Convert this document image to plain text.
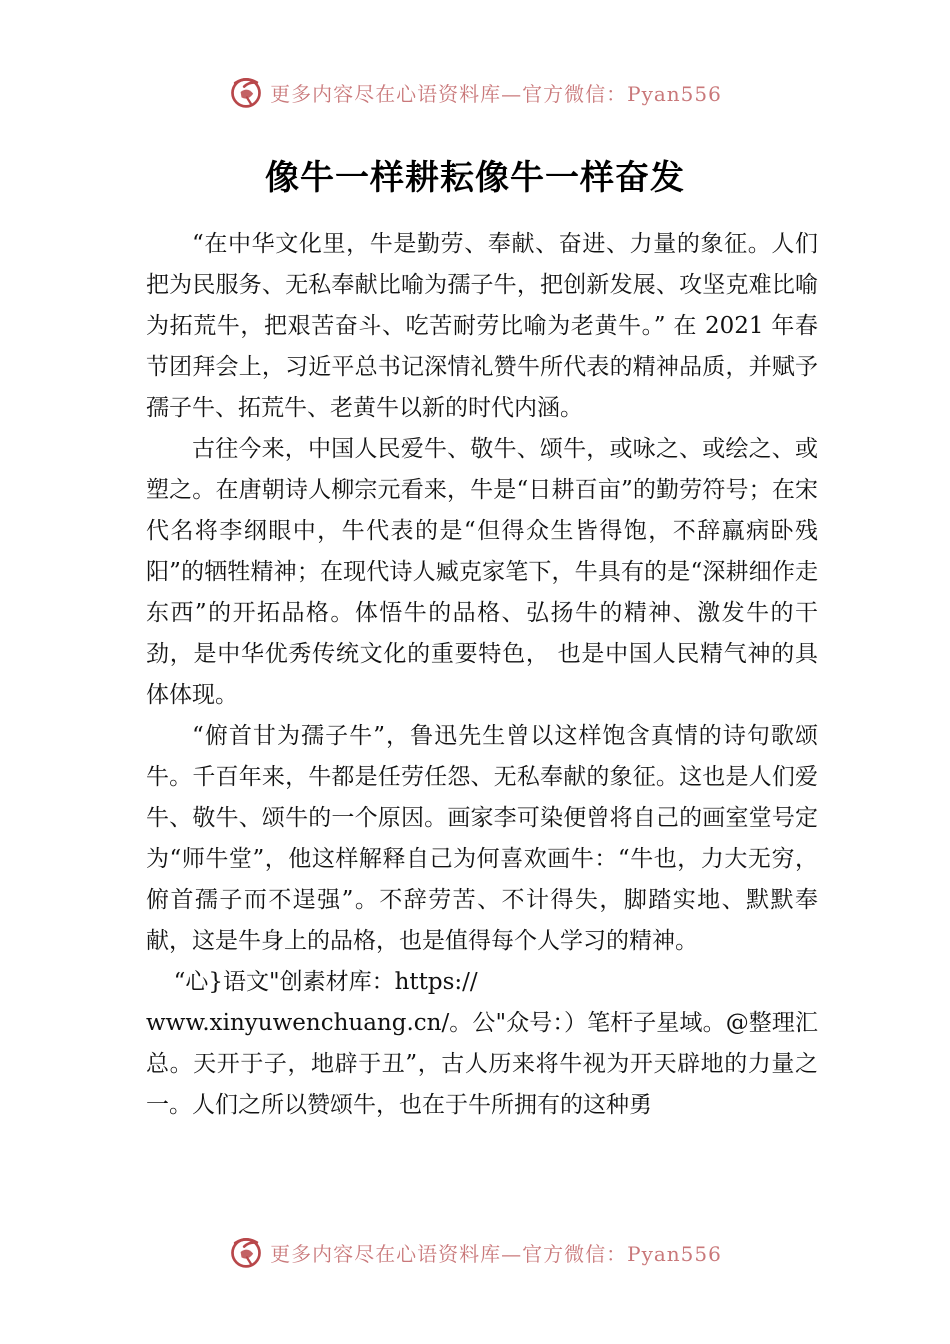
更多内容尽在心语资料库—官方微信：Pyan556
像牛一样耕耘像牛一样奋发

“在中华文化里，牛是勤劳、奉献、奋进、力量的象征。人们把为民服务、无私奉献比喻为孺子牛，把创新发展、攻坚克难比喻为拓荒牛，把艰苦奋斗、吃苦耐劳比喻为老黄牛。” 在 2021 年春节团拜会上，习近平总书记深情礼赞牛所代表的精神品质，并赋予孺子牛、拓荒牛、老黄牛以新的时代内涵。

古往今来，中国人民爱牛、敬牛、颂牛，或咏之、或绘之、或塑之。在唐朝诗人柳宗元看来，牛是“日耕百亩”的勤劳符号；在宋代名将李纲眼中，牛代表的是“但得众生皆得饱，不辞羸病卧残阳”的牺牲精神；在现代诗人臧克家笔下，牛具有的是“深耕细作走东西”的开拓品格。体悟牛的品格、弘扬牛的精神、激发牛的干劲，是中华优秀传统文化的重要特色， 也是中国人民精气神的具体体现。

“俯首甘为孺子牛”，鲁迅先生曾以这样饱含真情的诗句歌颂牛。千百年来，牛都是任劳任怨、无私奉献的象征。这也是人们爱牛、敬牛、颂牛的一个原因。画家李可染便曾将自己的画室堂号定为“师牛堂”，他这样解释自己为何喜欢画牛：“牛也，力大无穷，俯首孺子而不逞强”。不辞劳苦、不计得失，脚踏实地、默默奉献，这是牛身上的品格，也是值得每个人学习的精神。

“心}语文"创素材库：https://
www.xinyuwenchuang.cn/。公"众号：）笔杆子星域。@整理汇总。天开于子，地辟于丑”，古人历来将牛视为开天辟地的力量之一。人们之所以赞颂牛，也在于牛所拥有的这种勇

更多内容尽在心语资料库—官方微信：Pyan556
